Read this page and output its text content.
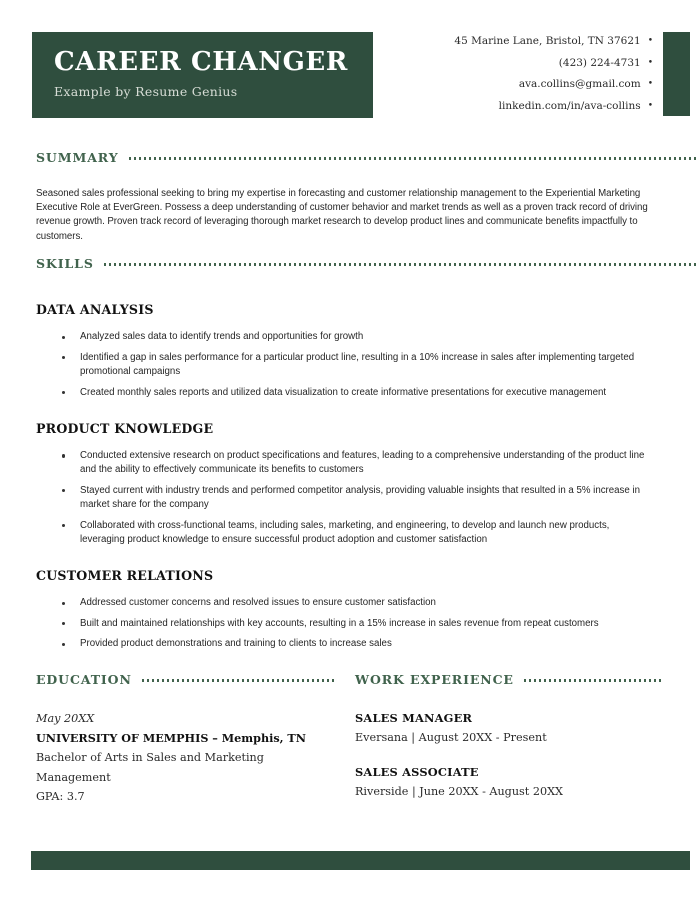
CAREER CHANGER
Example by Resume Genius
45 Marine Lane, Bristol, TN 37621 •
(423) 224-4731 •
ava.collins@gmail.com •
linkedin.com/in/ava-collins •
SUMMARY
Seasoned sales professional seeking to bring my expertise in forecasting and customer relationship management to the Experiential Marketing Executive Role at EverGreen. Possess a deep understanding of customer behavior and market trends as well as a proven track record of driving revenue growth. Proven track record of leveraging thorough market research to develop product lines and communicate benefits impactfully to customers.
SKILLS
DATA ANALYSIS
Analyzed sales data to identify trends and opportunities for growth
Identified a gap in sales performance for a particular product line, resulting in a 10% increase in sales after implementing targeted promotional campaigns
Created monthly sales reports and utilized data visualization to create informative presentations for executive management
PRODUCT KNOWLEDGE
Conducted extensive research on product specifications and features, leading to a comprehensive understanding of the product line and the ability to effectively communicate its benefits to customers
Stayed current with industry trends and performed competitor analysis, providing valuable insights that resulted in a 5% increase in market share for the company
Collaborated with cross-functional teams, including sales, marketing, and engineering, to develop and launch new products, leveraging product knowledge to ensure successful product adoption and customer satisfaction
CUSTOMER RELATIONS
Addressed customer concerns and resolved issues to ensure customer satisfaction
Built and maintained relationships with key accounts, resulting in a 15% increase in sales revenue from repeat customers
Provided product demonstrations and training to clients to increase sales
EDUCATION
May 20XX
UNIVERSITY OF MEMPHIS – Memphis, TN
Bachelor of Arts in Sales and Marketing Management
GPA: 3.7
WORK EXPERIENCE
SALES MANAGER
Eversana | August 20XX - Present
SALES ASSOCIATE
Riverside | June 20XX - August 20XX
